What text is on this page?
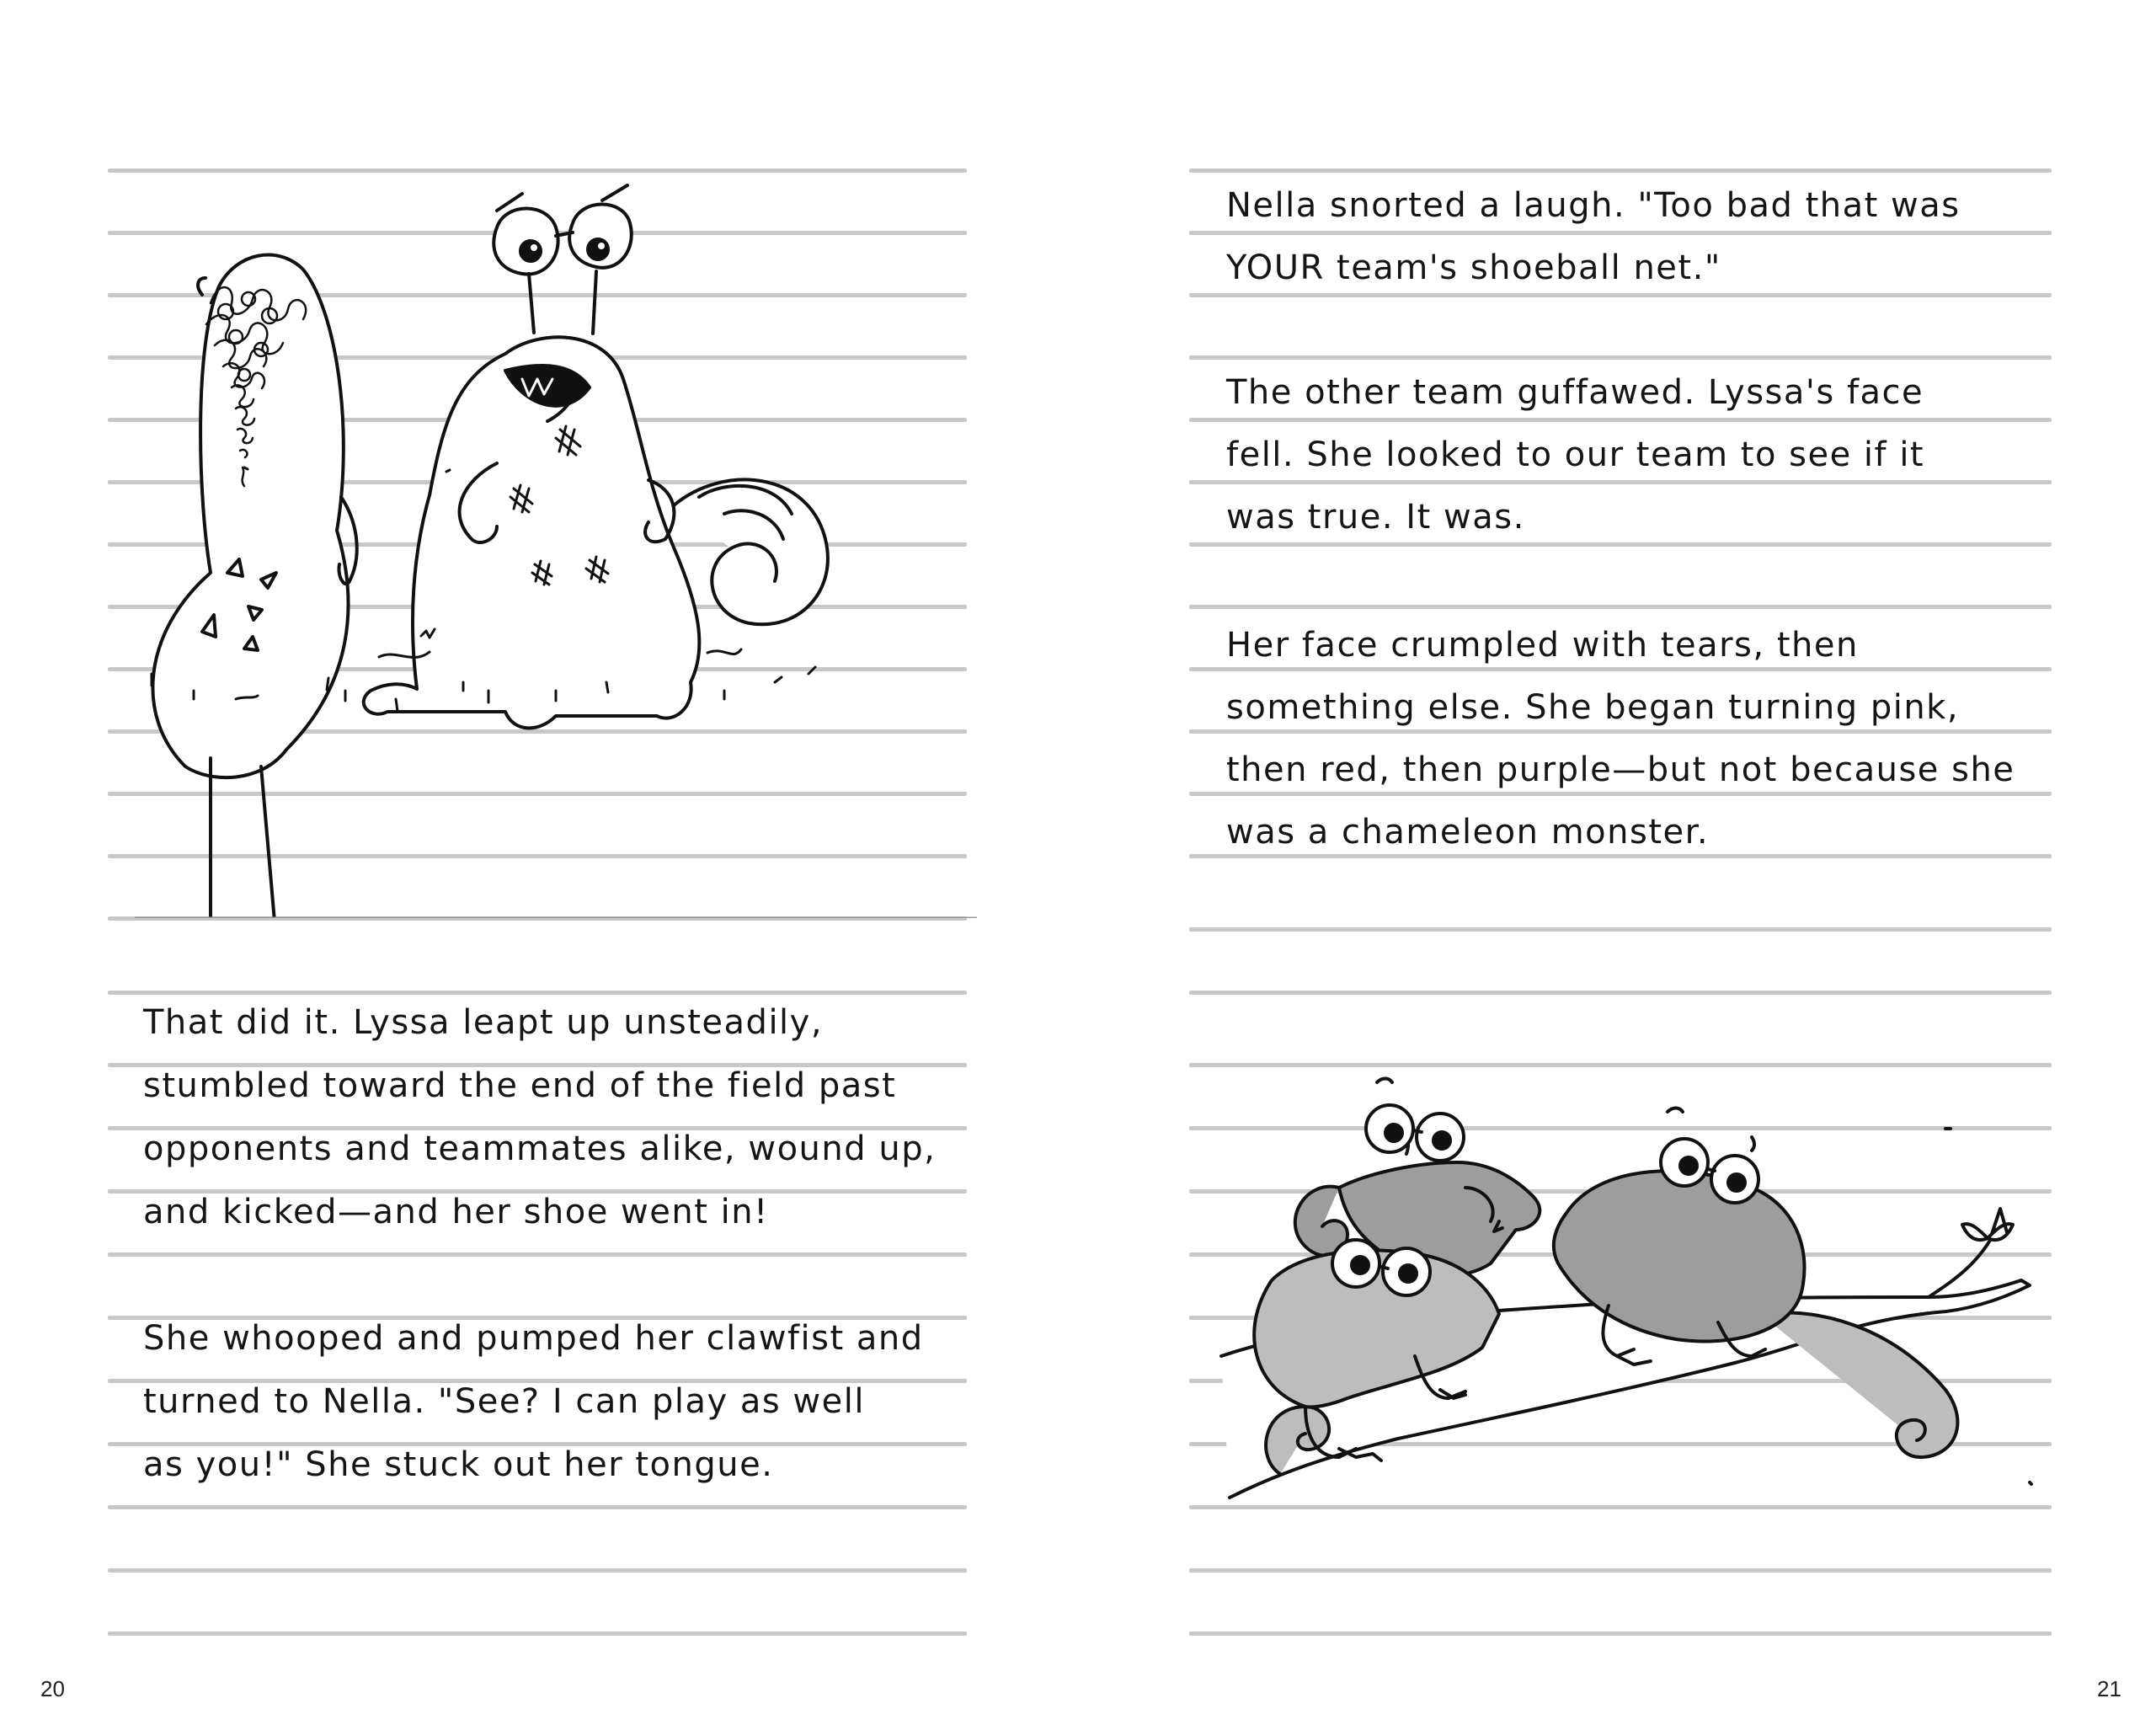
That did it. Lyssa leapt up unsteadily,
stumbled toward the end of the field past
opponents and teammates alike, wound up,
and kicked—and her shoe went in!
She whooped and pumped her clawfist and
turned to Nella. "See? I can play as well
as you!" She stuck out her tongue.
20
Nella snorted a laugh. "Too bad that was
YOUR team's shoeball net."
The other team guffawed. Lyssa's face
fell. She looked to our team to see if it
was true. It was.
Her face crumpled with tears, then
something else. She began turning pink,
then red, then purple—but not because she
was a chameleon monster.
21
